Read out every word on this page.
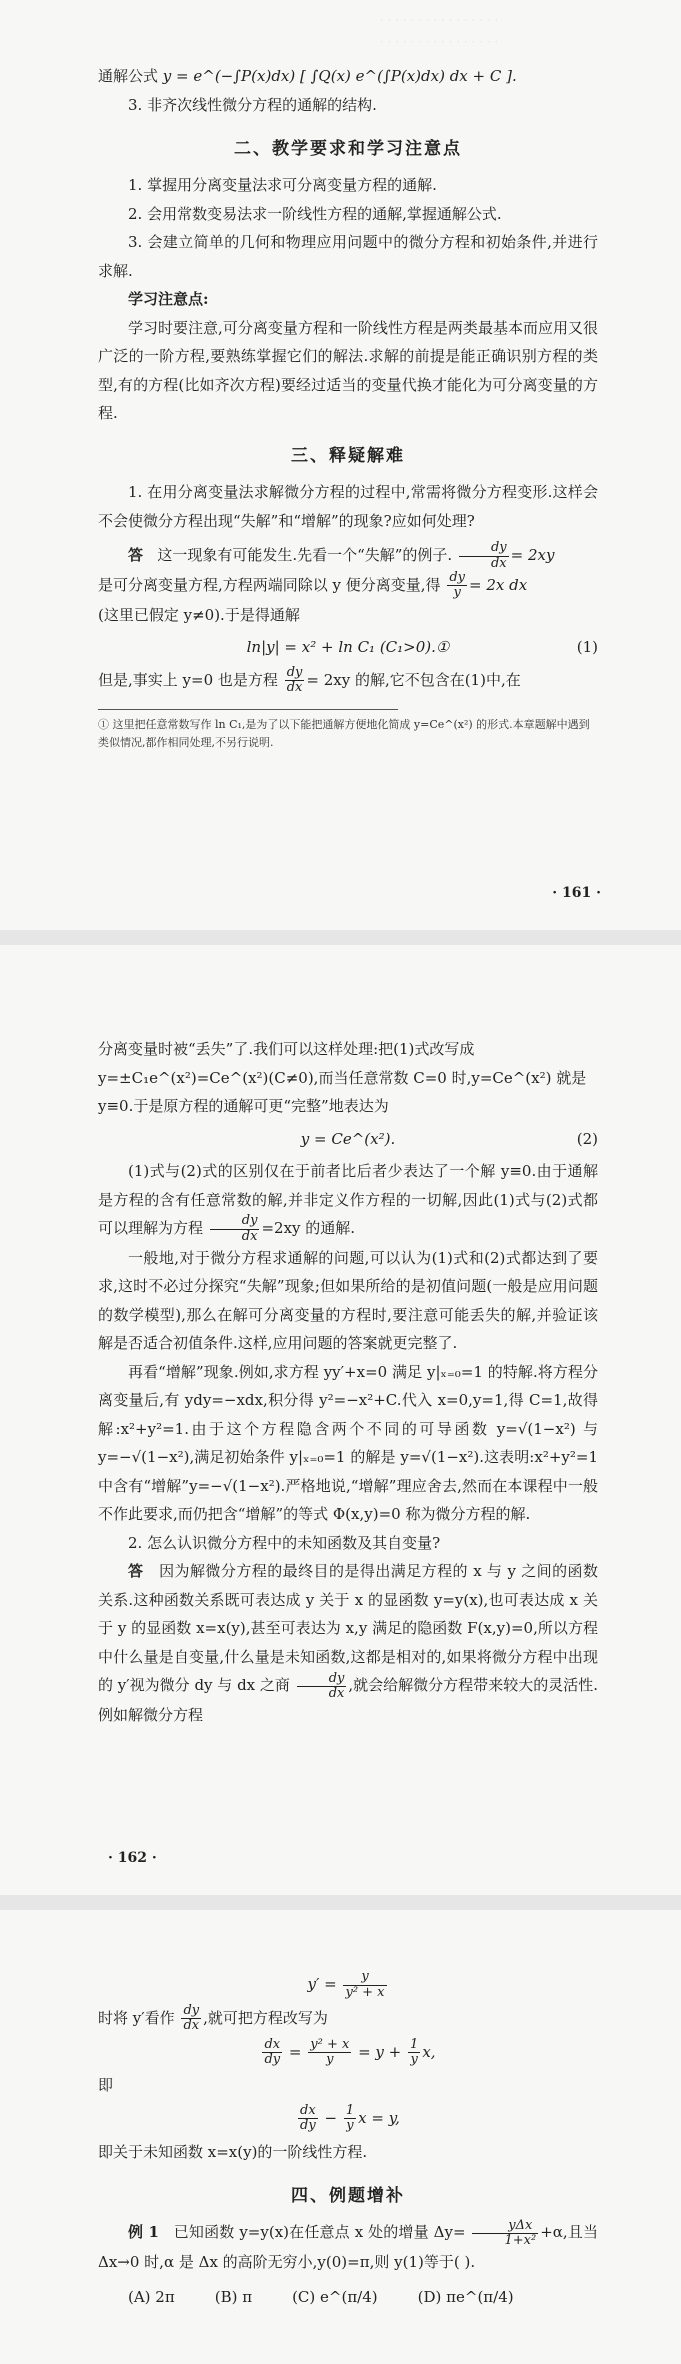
· · · · · · · · · · · · · · · ·
· · · · · · · · · · · · · · · ·
通解公式 y = e^(−∫P(x)dx) [ ∫Q(x) e^(∫P(x)dx) dx + C ].
3. 非齐次线性微分方程的通解的结构.
二、教学要求和学习注意点
1. 掌握用分离变量法求可分离变量方程的通解.
2. 会用常数变易法求一阶线性方程的通解,掌握通解公式.
3. 会建立简单的几何和物理应用问题中的微分方程和初始条件,并进行求解.
学习注意点:
学习时要注意,可分离变量方程和一阶线性方程是两类最基本而应用又很广泛的一阶方程,要熟练掌握它们的解法.求解的前提是能正确识别方程的类型,有的方程(比如齐次方程)要经过适当的变量代换才能化为可分离变量的方程.
三、释疑解难
1. 在用分离变量法求解微分方程的过程中,常需将微分方程变形.这样会不会使微分方程出现“失解”和“增解”的现象?应如何处理?
答 这一现象有可能发生.先看一个“失解”的例子. $\frac{dy}{dx} = 2xy$
是可分离变量方程,方程两端同除以 y 便分离变量,得 $\frac{dy}{y} = 2x$ dx
(这里已假定 y≠0).于是得通解
ln|y| = x² + ln C₁ (C₁>0).①	(1)
但是,事实上 y=0 也是方程 $\frac{dy}{dx} = 2xy$ 的解,它不包含在(1)中,在
① 这里把任意常数写作 ln C₁,是为了以下能把通解方便地化简成 y=Ce^(x²) 的形式.本章题解中遇到类似情况,都作相同处理,不另行说明.
· 161 ·
分离变量时被“丢失”了.我们可以这样处理:把(1)式改写成 y=±C₁e^(x²)=Ce^(x²)(C≠0),而当任意常数 C=0 时,y=Ce^(x²) 就是 y≡0.于是原方程的通解可更“完整”地表达为
y = Ce^(x²).	(2)
(1)式与(2)式的区别仅在于前者比后者少表达了一个解 y≡0.由于通解是方程的含有任意常数的解,并非定义作方程的一切解,因此(1)式与(2)式都可以理解为方程 $\frac{dy}{dx} =2xy$ 的通解.
一般地,对于微分方程求通解的问题,可以认为(1)式和(2)式都达到了要求,这时不必过分探究“失解”现象;但如果所给的是初值问题(一般是应用问题的数学模型),那么在解可分离变量的方程时,要注意可能丢失的解,并验证该解是否适合初值条件.这样,应用问题的答案就更完整了.
再看“增解”现象.例如,求方程 yy′+x=0 满足 y|ₓ₌₀=1 的特解.将方程分离变量后,有 ydy=−xdx,积分得 y²=−x²+C.代入 x=0,y=1,得 C=1,故得解:x²+y²=1.由于这个方程隐含两个不同的可导函数 y=√(1−x²) 与 y=−√(1−x²),满足初始条件 y|ₓ₌₀=1 的解是 y=√(1−x²).这表明:x²+y²=1 中含有“增解”y=−√(1−x²).严格地说,“增解”理应舍去,然而在本课程中一般不作此要求,而仍把含“增解”的等式 Φ(x,y)=0 称为微分方程的解.
2. 怎么认识微分方程中的未知函数及其自变量?
答 因为解微分方程的最终目的是得出满足方程的 x 与 y 之间的函数关系.这种函数关系既可表达成 y 关于 x 的显函数 y=y(x),也可表达成 x 关于 y 的显函数 x=x(y),甚至可表达为 x,y 满足的隐函数 F(x,y)=0,所以方程中什么量是自变量,什么量是未知函数,这都是相对的,如果将微分方程中出现的 y′视为微分 dy 与 dx 之商 $\frac{dy}{dx}$ ,就会给解微分方程带来较大的灵活性.例如解微分方程
· 162 ·
$y' = \frac{y}{\text{y² + x}}$
时将 y′看作 $\frac{dy}{dx}$ ,就可把方程改写为
$\frac{dx}{dy} = \frac{\text{y² + x}}{y} = y + \frac{1}{y} x$,
即
$\frac{dx}{dy} - \frac{1}{y}$ x = y,
即关于未知函数 x=x(y)的一阶线性方程.
四、例题增补
例 1 已知函数 y=y(x)在任意点 x 处的增量 $\Delta y= \frac{\text{yΔx}}{\text{1+x²}} +\alpha$,且当 Δx→0 时,α 是 Δx 的高阶无穷小,y(0)=π,则 y(1)等于( ).
(A) 2π	(B) π	(C) e^(π/4)	(D) πe^(π/4)
